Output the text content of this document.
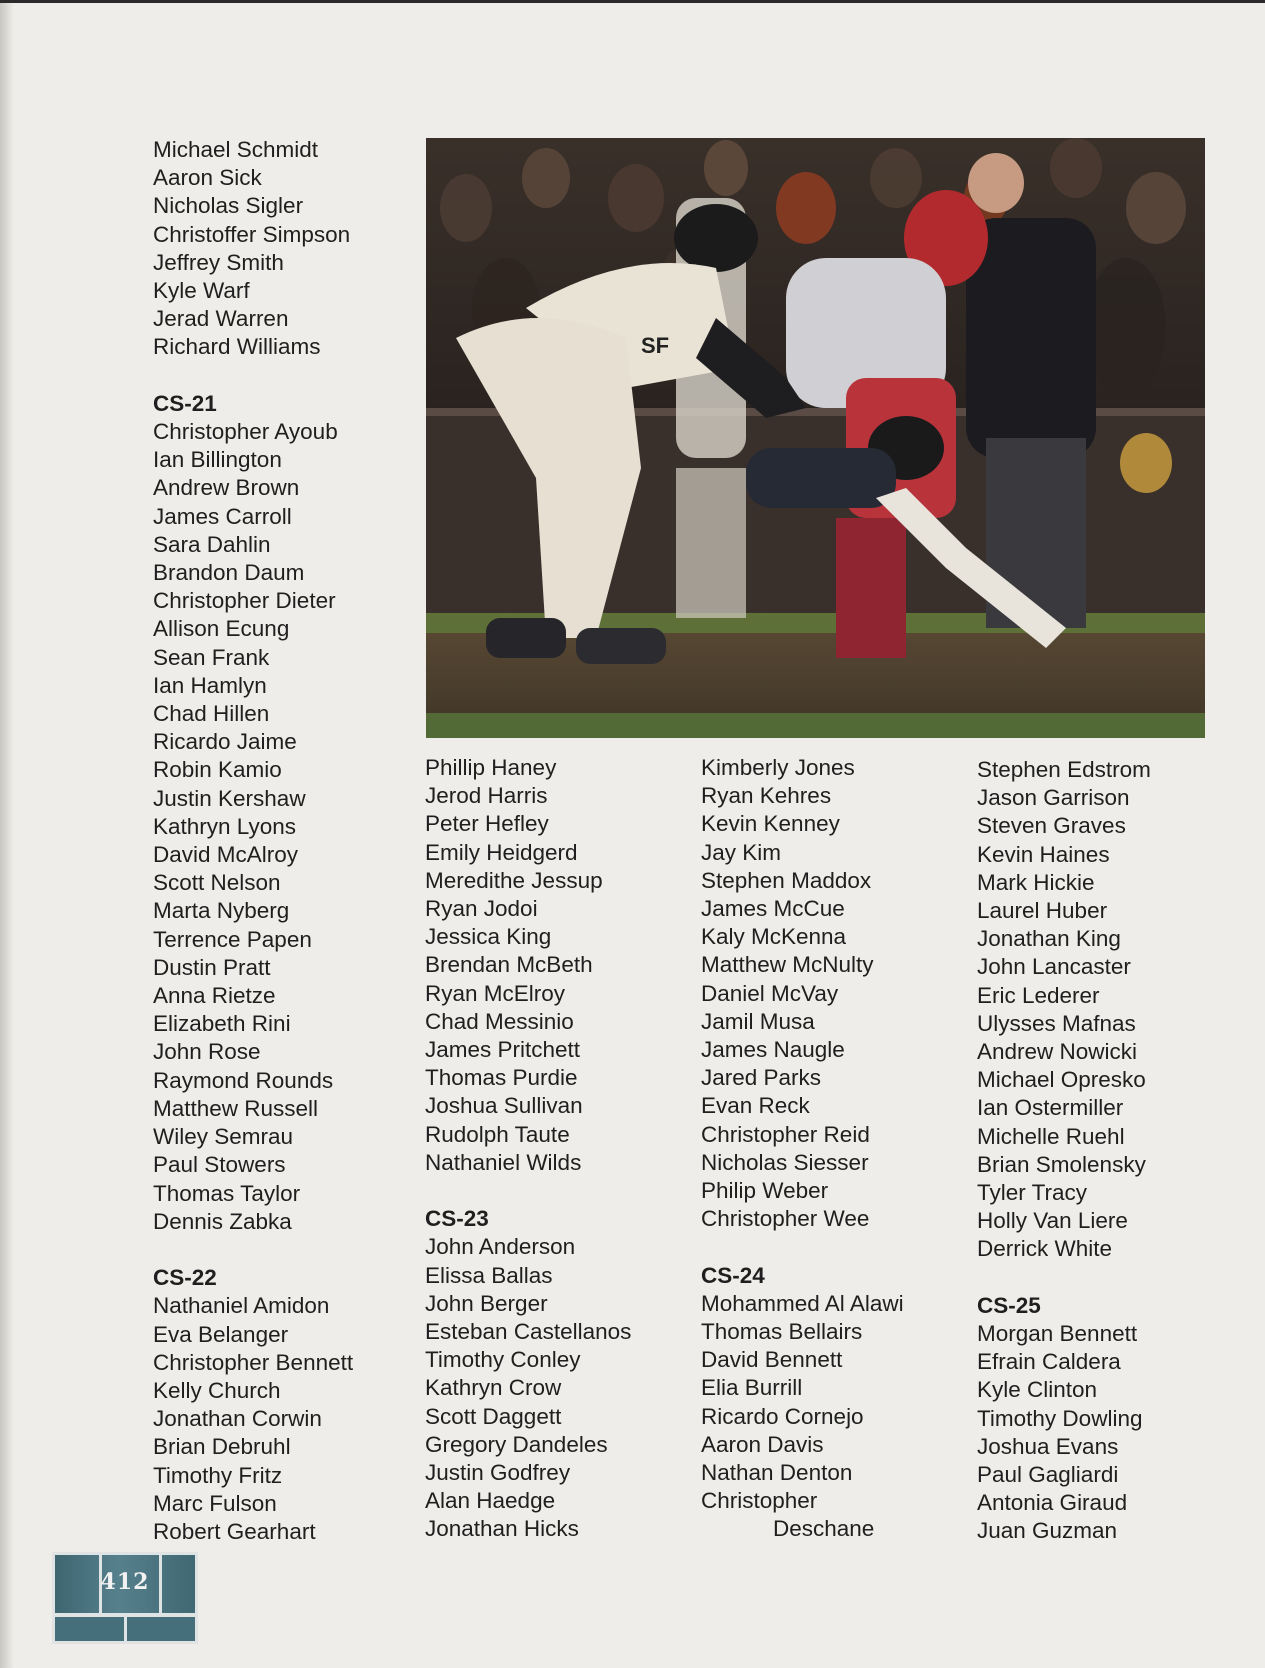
Michael Schmidt
Aaron Sick
Nicholas Sigler
Christoffer Simpson
Jeffrey Smith
Kyle Warf
Jerad Warren
Richard Williams
CS-21
Christopher Ayoub
Ian Billington
Andrew Brown
James Carroll
Sara Dahlin
Brandon Daum
Christopher Dieter
Allison Ecung
Sean Frank
Ian Hamlyn
Chad Hillen
Ricardo Jaime
Robin Kamio
Justin Kershaw
Kathryn Lyons
David McAlroy
Scott Nelson
Marta Nyberg
Terrence Papen
Dustin Pratt
Anna Rietze
Elizabeth Rini
John Rose
Raymond Rounds
Matthew Russell
Wiley Semrau
Paul Stowers
Thomas Taylor
Dennis Zabka
CS-22
Nathaniel Amidon
Eva Belanger
Christopher Bennett
Kelly Church
Jonathan Corwin
Brian Debruhl
Timothy Fritz
Marc Fulson
Robert Gearhart
Phillip Haney
Jerod Harris
Peter Hefley
Emily Heidgerd
Meredithe Jessup
Ryan Jodoi
Jessica King
Brendan McBeth
Ryan McElroy
Chad Messinio
James Pritchett
Thomas Purdie
Joshua Sullivan
Rudolph Taute
Nathaniel Wilds
CS-23
John Anderson
Elissa Ballas
John Berger
Esteban Castellanos
Timothy Conley
Kathryn Crow
Scott Daggett
Gregory Dandeles
Justin Godfrey
Alan Haedge
Jonathan Hicks
Kimberly Jones
Ryan Kehres
Kevin Kenney
Jay Kim
Stephen Maddox
James McCue
Kaly McKenna
Matthew McNulty
Daniel McVay
Jamil Musa
James Naugle
Jared Parks
Evan Reck
Christopher Reid
Nicholas Siesser
Philip Weber
Christopher Wee
CS-24
Mohammed Al Alawi
Thomas Bellairs
David Bennett
Elia Burrill
Ricardo Cornejo
Aaron Davis
Nathan Denton
Christopher
Deschane
Stephen Edstrom
Jason Garrison
Steven Graves
Kevin Haines
Mark Hickie
Laurel Huber
Jonathan King
John Lancaster
Eric Lederer
Ulysses Mafnas
Andrew Nowicki
Michael Opresko
Ian Ostermiller
Michelle Ruehl
Brian Smolensky
Tyler Tracy
Holly Van Liere
Derrick White
CS-25
Morgan Bennett
Efrain Caldera
Kyle Clinton
Timothy Dowling
Joshua Evans
Paul Gagliardi
Antonia Giraud
Juan Guzman
SF
412
